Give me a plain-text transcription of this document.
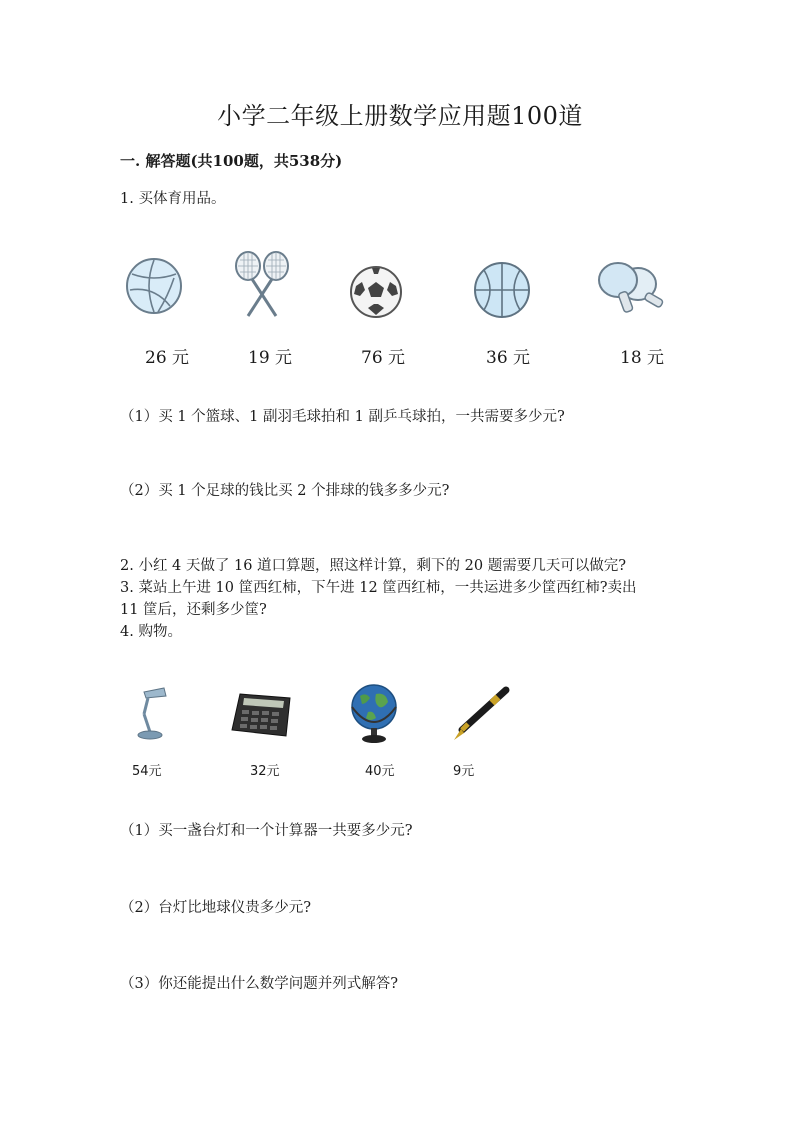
小学二年级上册数学应用题100道
一. 解答题(共100题，共538分)
1. 买体育用品。
26 元	19 元	76 元	36 元	18 元
（1）买 1 个篮球、1 副羽毛球拍和 1 副乒乓球拍，一共需要多少元?
（2）买 1 个足球的钱比买 2 个排球的钱多多少元?
2. 小红 4 天做了 16 道口算题，照这样计算，剩下的 20 题需要几天可以做完?
3. 菜站上午进 10 筐西红柿，下午进 12 筐西红柿，一共运进多少筐西红柿?卖出
11 筐后，还剩多少筐?
4. 购物。
54元	32元	40元	9元
（1）买一盏台灯和一个计算器一共要多少元?
（2）台灯比地球仪贵多少元?
（3）你还能提出什么数学问题并列式解答?
